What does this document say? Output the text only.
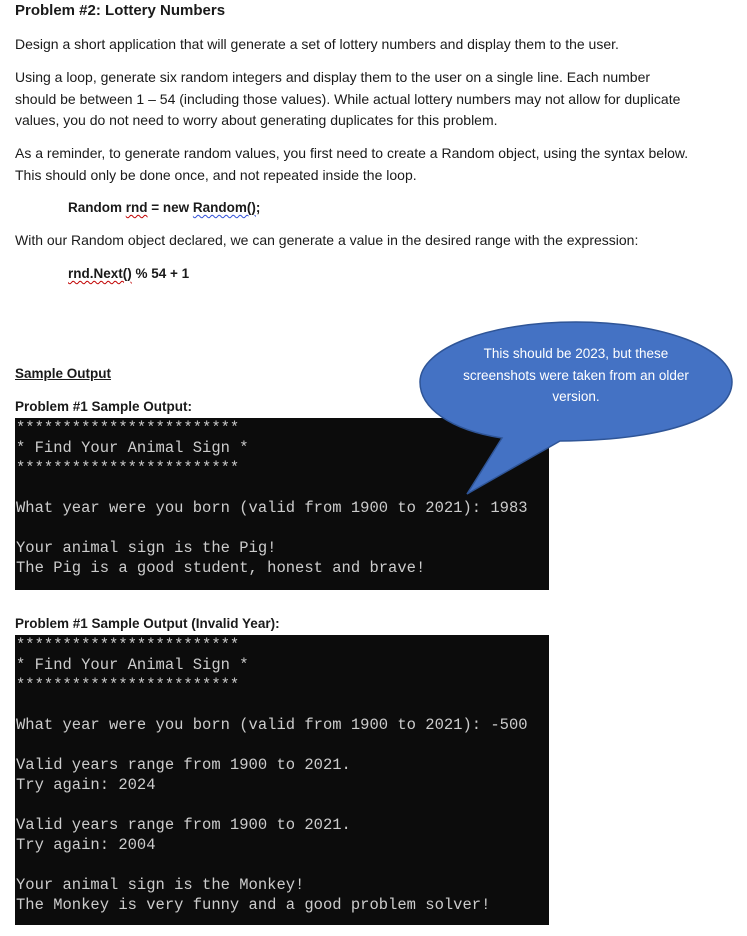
Problem #2: Lottery Numbers
Design a short application that will generate a set of lottery numbers and display them to the user.
Using a loop, generate six random integers and display them to the user on a single line. Each number should be between 1 – 54 (including those values). While actual lottery numbers may not allow for duplicate values, you do not need to worry about generating duplicates for this problem.
As a reminder, to generate random values, you first need to create a Random object, using the syntax below. This should only be done once, and not repeated inside the loop.
Random rnd = new Random();
With our Random object declared, we can generate a value in the desired range with the expression:
rnd.Next() % 54 + 1
Sample Output
Problem #1 Sample Output:
Problem #1 Sample Output (Invalid Year):
************************
* Find Your Animal Sign *
************************
What year were you born (valid from 1900 to 2021): 1983
Your animal sign is the Pig!
The Pig is a good student, honest and brave!
************************
* Find Your Animal Sign *
************************
What year were you born (valid from 1900 to 2021): -500
Valid years range from 1900 to 2021.
Try again: 2024
Valid years range from 1900 to 2021.
Try again: 2004
Your animal sign is the Monkey!
The Monkey is very funny and a good problem solver!
This should be 2023, but these screenshots were taken from an older version.
